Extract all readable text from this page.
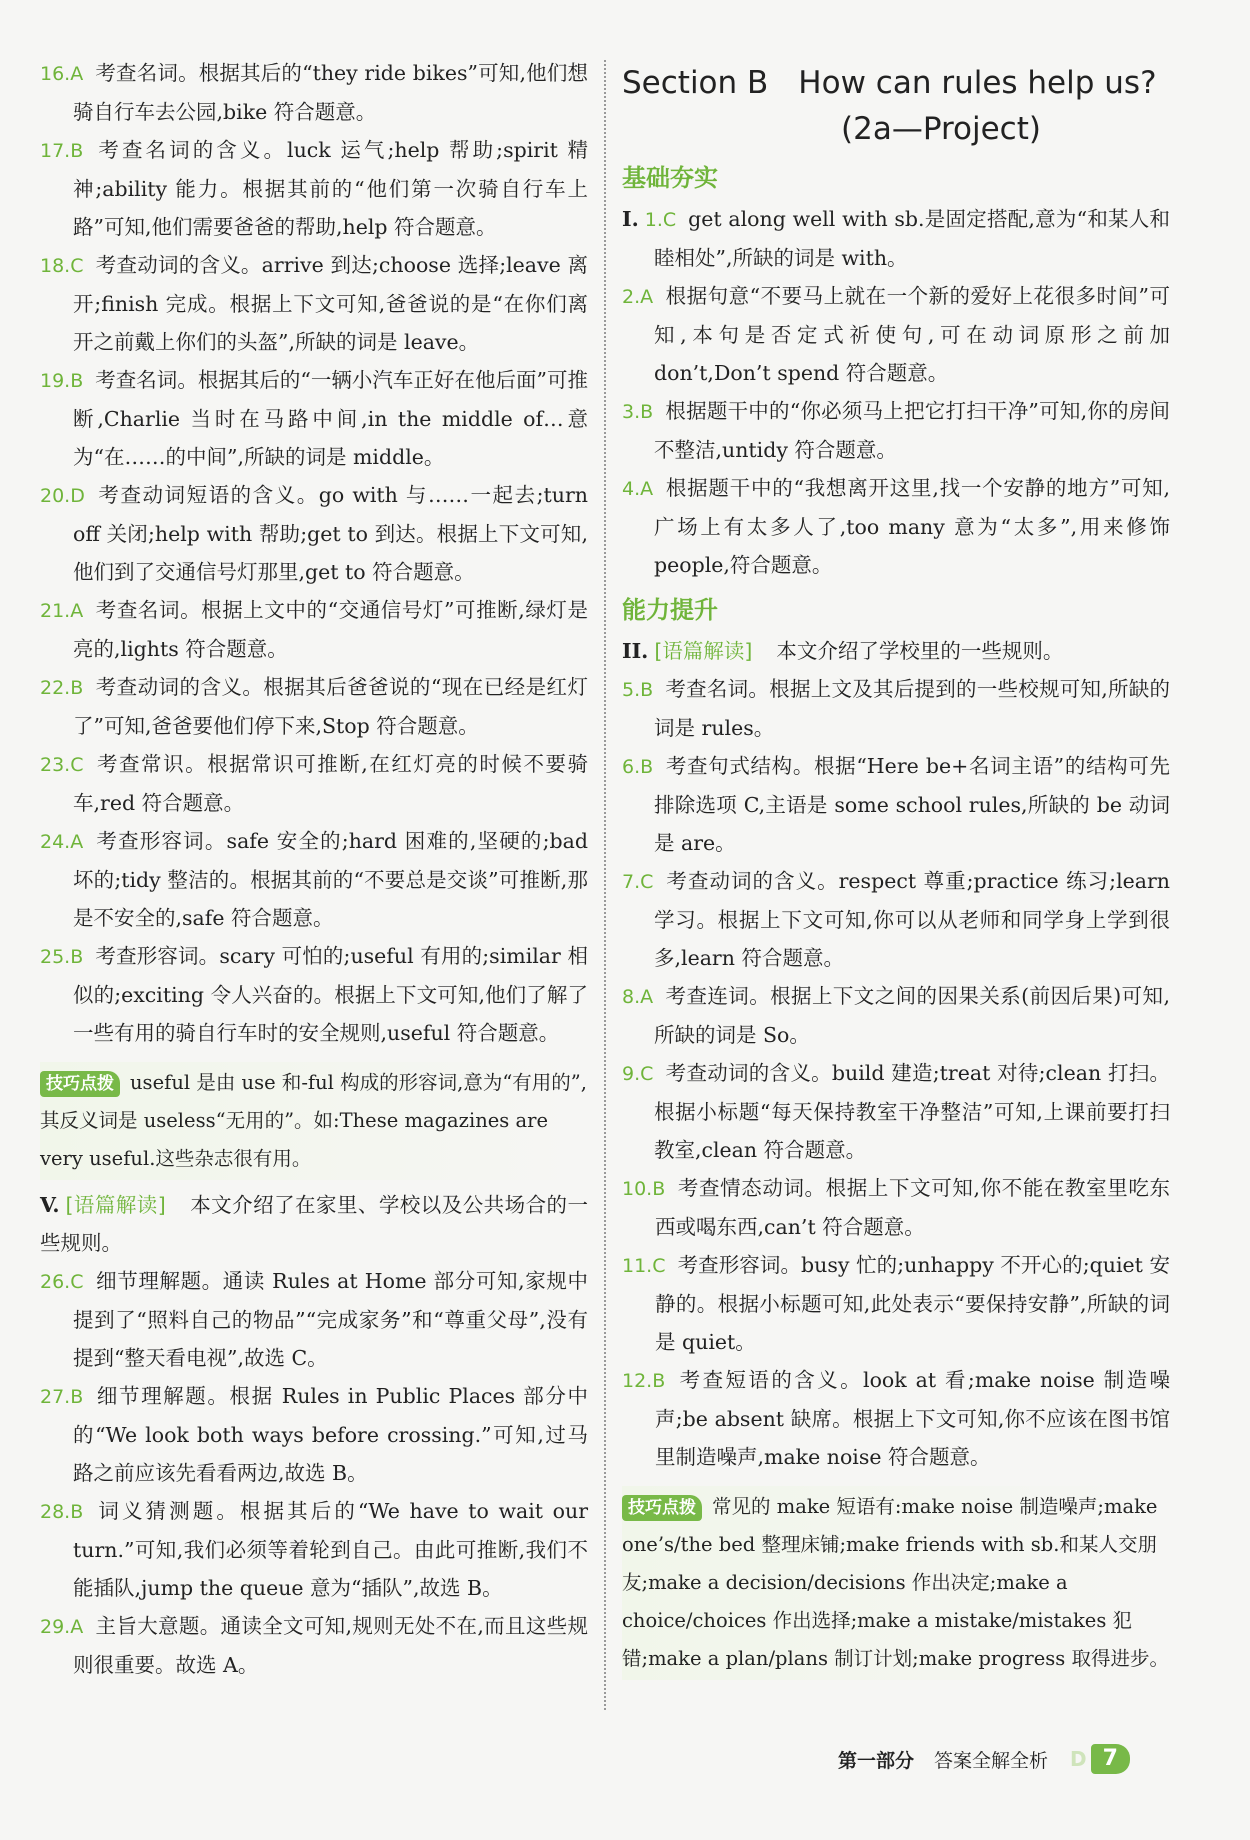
16.A 考查名词。根据其后的“they ride bikes”可知,他们想骑自行车去公园,bike 符合题意。
17.B 考查名词的含义。luck 运气;help 帮助;spirit 精神;ability 能力。根据其前的“他们第一次骑自行车上路”可知,他们需要爸爸的帮助,help 符合题意。
18.C 考查动词的含义。arrive 到达;choose 选择;leave 离开;finish 完成。根据上下文可知,爸爸说的是“在你们离开之前戴上你们的头盔”,所缺的词是 leave。
19.B 考查名词。根据其后的“一辆小汽车正好在他后面”可推断,Charlie 当时在马路中间,in the middle of…意为“在……的中间”,所缺的词是 middle。
20.D 考查动词短语的含义。go with 与……一起去;turn off 关闭;help with 帮助;get to 到达。根据上下文可知,他们到了交通信号灯那里,get to 符合题意。
21.A 考查名词。根据上文中的“交通信号灯”可推断,绿灯是亮的,lights 符合题意。
22.B 考查动词的含义。根据其后爸爸说的“现在已经是红灯了”可知,爸爸要他们停下来,Stop 符合题意。
23.C 考查常识。根据常识可推断,在红灯亮的时候不要骑车,red 符合题意。
24.A 考查形容词。safe 安全的;hard 困难的,坚硬的;bad 坏的;tidy 整洁的。根据其前的“不要总是交谈”可推断,那是不安全的,safe 符合题意。
25.B 考查形容词。scary 可怕的;useful 有用的;similar 相似的;exciting 令人兴奋的。根据上下文可知,他们了解了一些有用的骑自行车时的安全规则,useful 符合题意。
技巧点拨 useful 是由 use 和-ful 构成的形容词,意为“有用的”,其反义词是 useless“无用的”。如:These magazines are very useful.这些杂志很有用。
V. [语篇解读] 本文介绍了在家里、学校以及公共场合的一些规则。
26.C 细节理解题。通读 Rules at Home 部分可知,家规中提到了“照料自己的物品”“完成家务”和“尊重父母”,没有提到“整天看电视”,故选 C。
27.B 细节理解题。根据 Rules in Public Places 部分中的“We look both ways before crossing.”可知,过马路之前应该先看看两边,故选 B。
28.B 词义猜测题。根据其后的“We have to wait our turn.”可知,我们必须等着轮到自己。由此可推断,我们不能插队,jump the queue 意为“插队”,故选 B。
29.A 主旨大意题。通读全文可知,规则无处不在,而且这些规则很重要。故选 A。
Section B How can rules help us?
(2a—Project)
基础夯实
I. 1.C get along well with sb.是固定搭配,意为“和某人和睦相处”,所缺的词是 with。
2.A 根据句意“不要马上就在一个新的爱好上花很多时间”可知,本句是否定式祈使句,可在动词原形之前加 don’t,Don’t spend 符合题意。
3.B 根据题干中的“你必须马上把它打扫干净”可知,你的房间不整洁,untidy 符合题意。
4.A 根据题干中的“我想离开这里,找一个安静的地方”可知,广场上有太多人了,too many 意为“太多”,用来修饰 people,符合题意。
能力提升
II. [语篇解读] 本文介绍了学校里的一些规则。
5.B 考查名词。根据上文及其后提到的一些校规可知,所缺的词是 rules。
6.B 考查句式结构。根据“Here be+名词主语”的结构可先排除选项 C,主语是 some school rules,所缺的 be 动词是 are。
7.C 考查动词的含义。respect 尊重;practice 练习;learn 学习。根据上下文可知,你可以从老师和同学身上学到很多,learn 符合题意。
8.A 考查连词。根据上下文之间的因果关系(前因后果)可知,所缺的词是 So。
9.C 考查动词的含义。build 建造;treat 对待;clean 打扫。根据小标题“每天保持教室干净整洁”可知,上课前要打扫教室,clean 符合题意。
10.B 考查情态动词。根据上下文可知,你不能在教室里吃东西或喝东西,can’t 符合题意。
11.C 考查形容词。busy 忙的;unhappy 不开心的;quiet 安静的。根据小标题可知,此处表示“要保持安静”,所缺的词是 quiet。
12.B 考查短语的含义。look at 看;make noise 制造噪声;be absent 缺席。根据上下文可知,你不应该在图书馆里制造噪声,make noise 符合题意。
技巧点拨 常见的 make 短语有:make noise 制造噪声;make one’s/the bed 整理床铺;make friends with sb.和某人交朋友;make a decision/decisions 作出决定;make a choice/choices 作出选择;make a mistake/mistakes 犯错;make a plan/plans 制订计划;make progress 取得进步。
第一部分 答案全解全析 D 7
